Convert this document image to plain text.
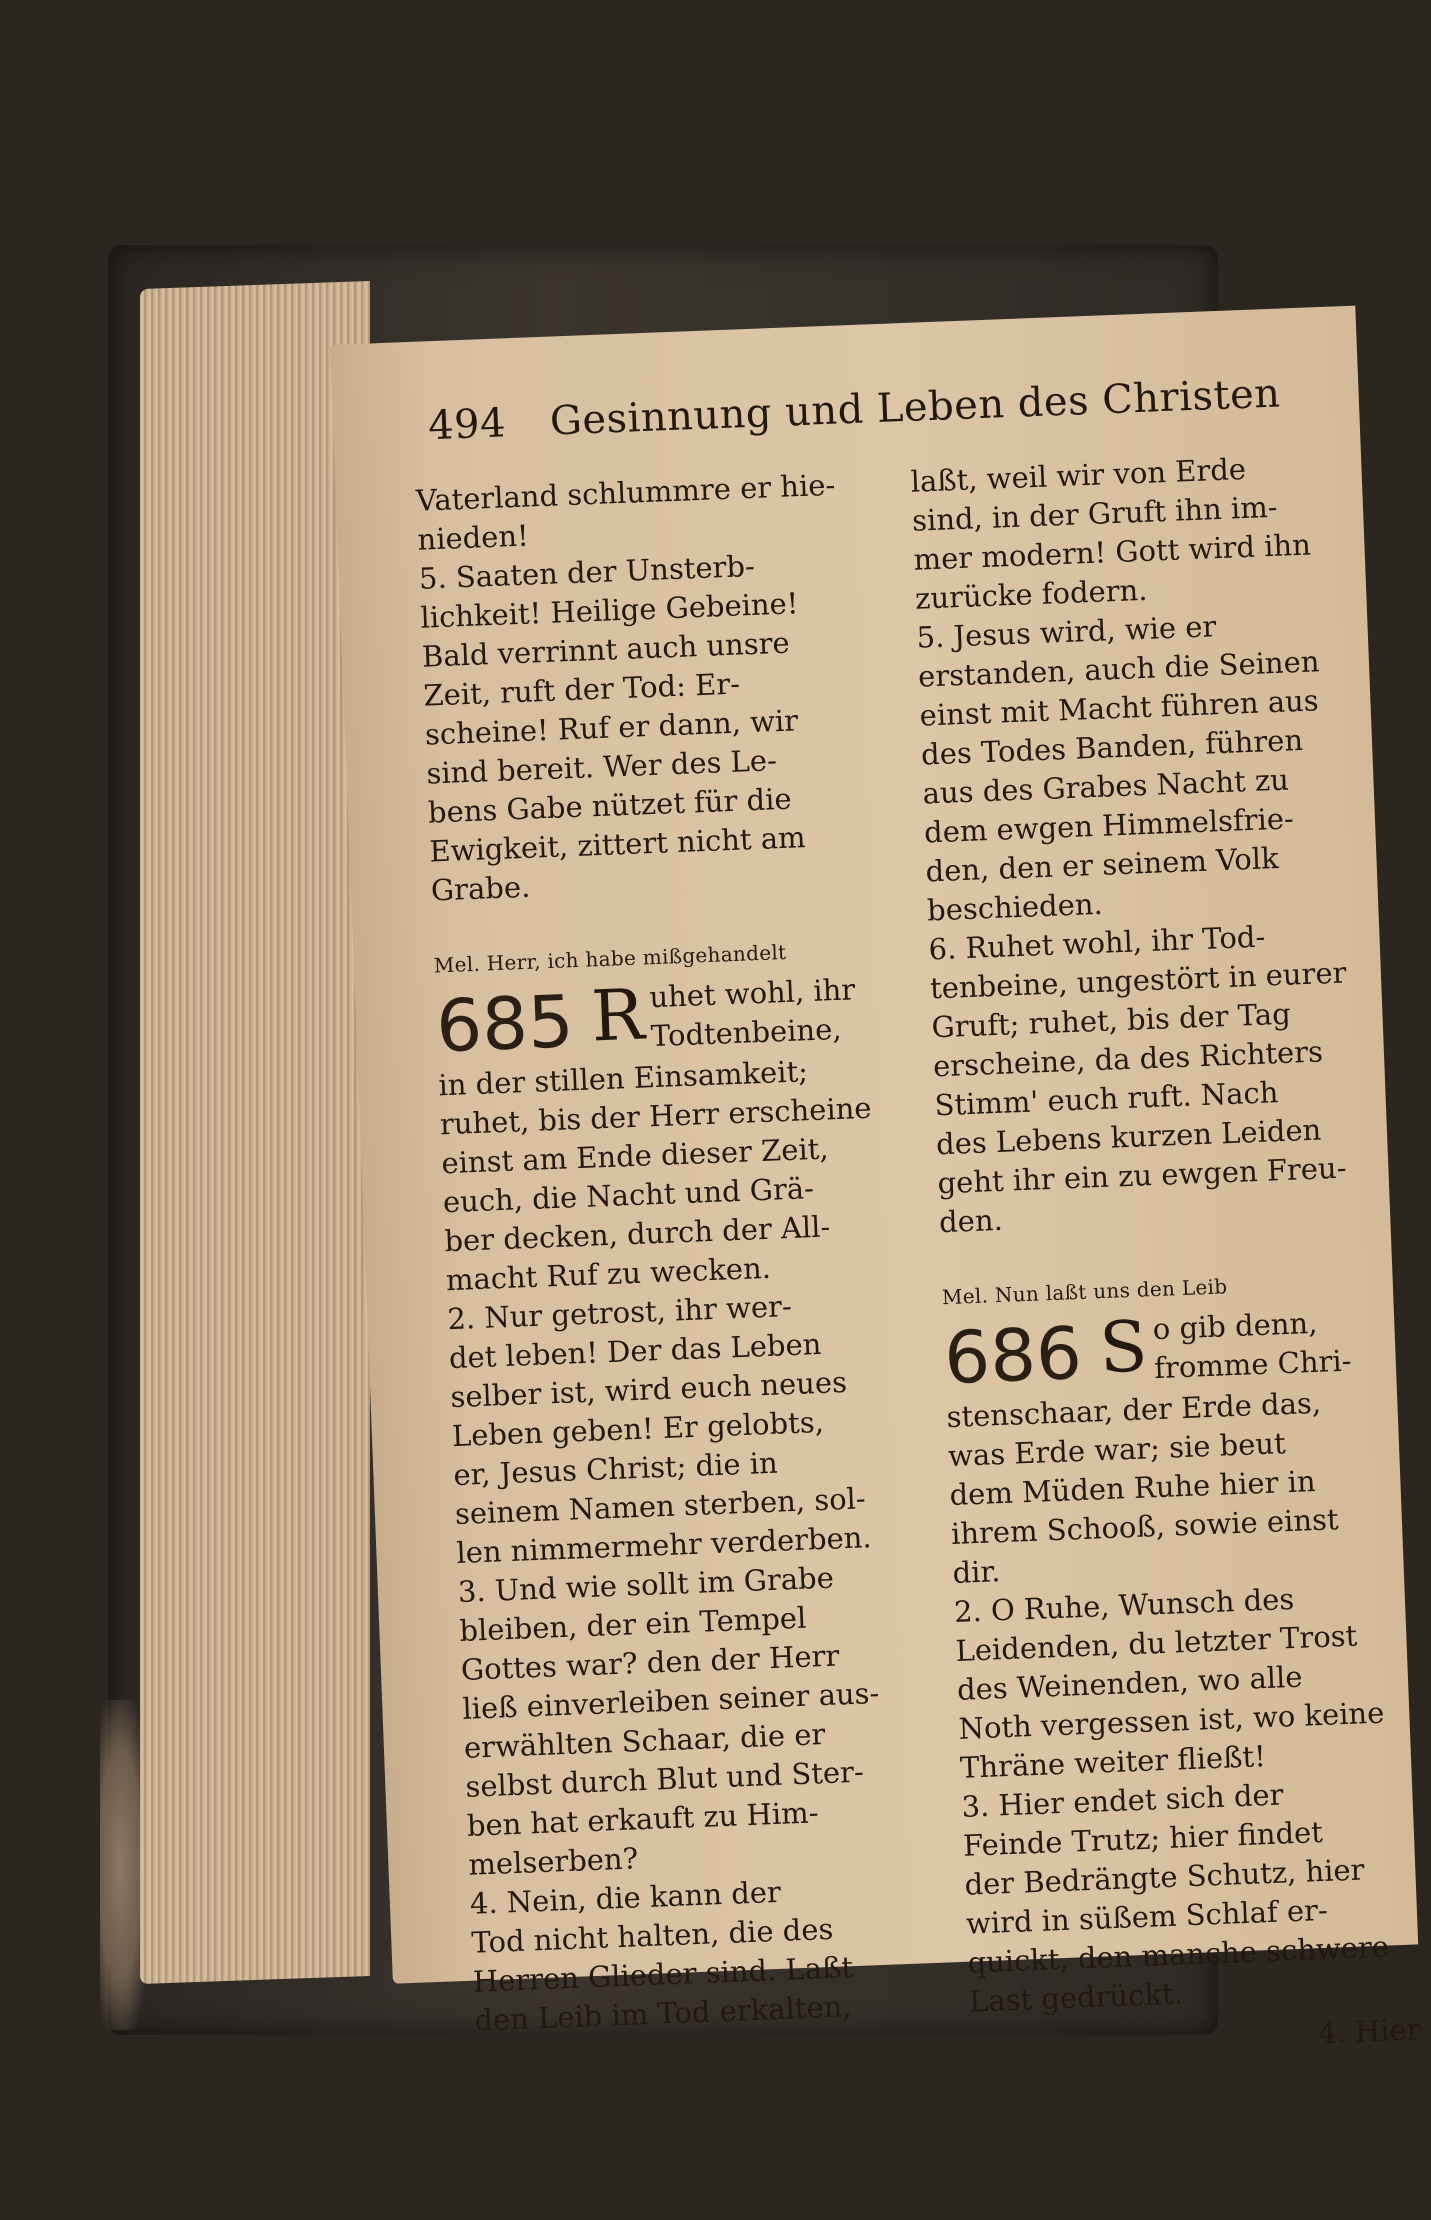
494 Gesinnung und Leben des Christen

Vaterland schlummre er hie-

nieden!

5. Saaten der Unsterb-

lichkeit! Heilige Gebeine!

Bald verrinnt auch unsre

Zeit, ruft der Tod: Er-

scheine! Ruf er dann, wir

sind bereit. Wer des Le-

bens Gabe nützet für die

Ewigkeit, zittert nicht am

Grabe.

Mel. Herr, ich habe mißgehandelt

685 R uhet wohl, ihr

Todtenbeine,

in der stillen Einsamkeit;

ruhet, bis der Herr erscheine

einst am Ende dieser Zeit,

euch, die Nacht und Grä-

ber decken, durch der All-

macht Ruf zu wecken.

2. Nur getrost, ihr wer-

det leben! Der das Leben

selber ist, wird euch neues

Leben geben! Er gelobts,

er, Jesus Christ; die in

seinem Namen sterben, sol-

len nimmermehr verderben.

3. Und wie sollt im Grabe

bleiben, der ein Tempel

Gottes war? den der Herr

ließ einverleiben seiner aus-

erwählten Schaar, die er

selbst durch Blut und Ster-

ben hat erkauft zu Him-

melserben?

4. Nein, die kann der

Tod nicht halten, die des

Herren Glieder sind. Laßt

den Leib im Tod erkalten,

laßt, weil wir von Erde

sind, in der Gruft ihn im-

mer modern! Gott wird ihn

zurücke fodern.

5. Jesus wird, wie er

erstanden, auch die Seinen

einst mit Macht führen aus

des Todes Banden, führen

aus des Grabes Nacht zu

dem ewgen Himmelsfrie-

den, den er seinem Volk

beschieden.

6. Ruhet wohl, ihr Tod-

tenbeine, ungestört in eurer

Gruft; ruhet, bis der Tag

erscheine, da des Richters

Stimm' euch ruft. Nach

des Lebens kurzen Leiden

geht ihr ein zu ewgen Freu-

den.

Mel. Nun laßt uns den Leib

686 S o gib denn,

fromme Chri-

stenschaar, der Erde das,

was Erde war; sie beut

dem Müden Ruhe hier in

ihrem Schooß, sowie einst

dir.

2. O Ruhe, Wunsch des

Leidenden, du letzter Trost

des Weinenden, wo alle

Noth vergessen ist, wo keine

Thräne weiter fließt!

3. Hier endet sich der

Feinde Trutz; hier findet

der Bedrängte Schutz, hier

wird in süßem Schlaf er-

quickt, den manche schwere

Last gedrückt.

4. Hier
